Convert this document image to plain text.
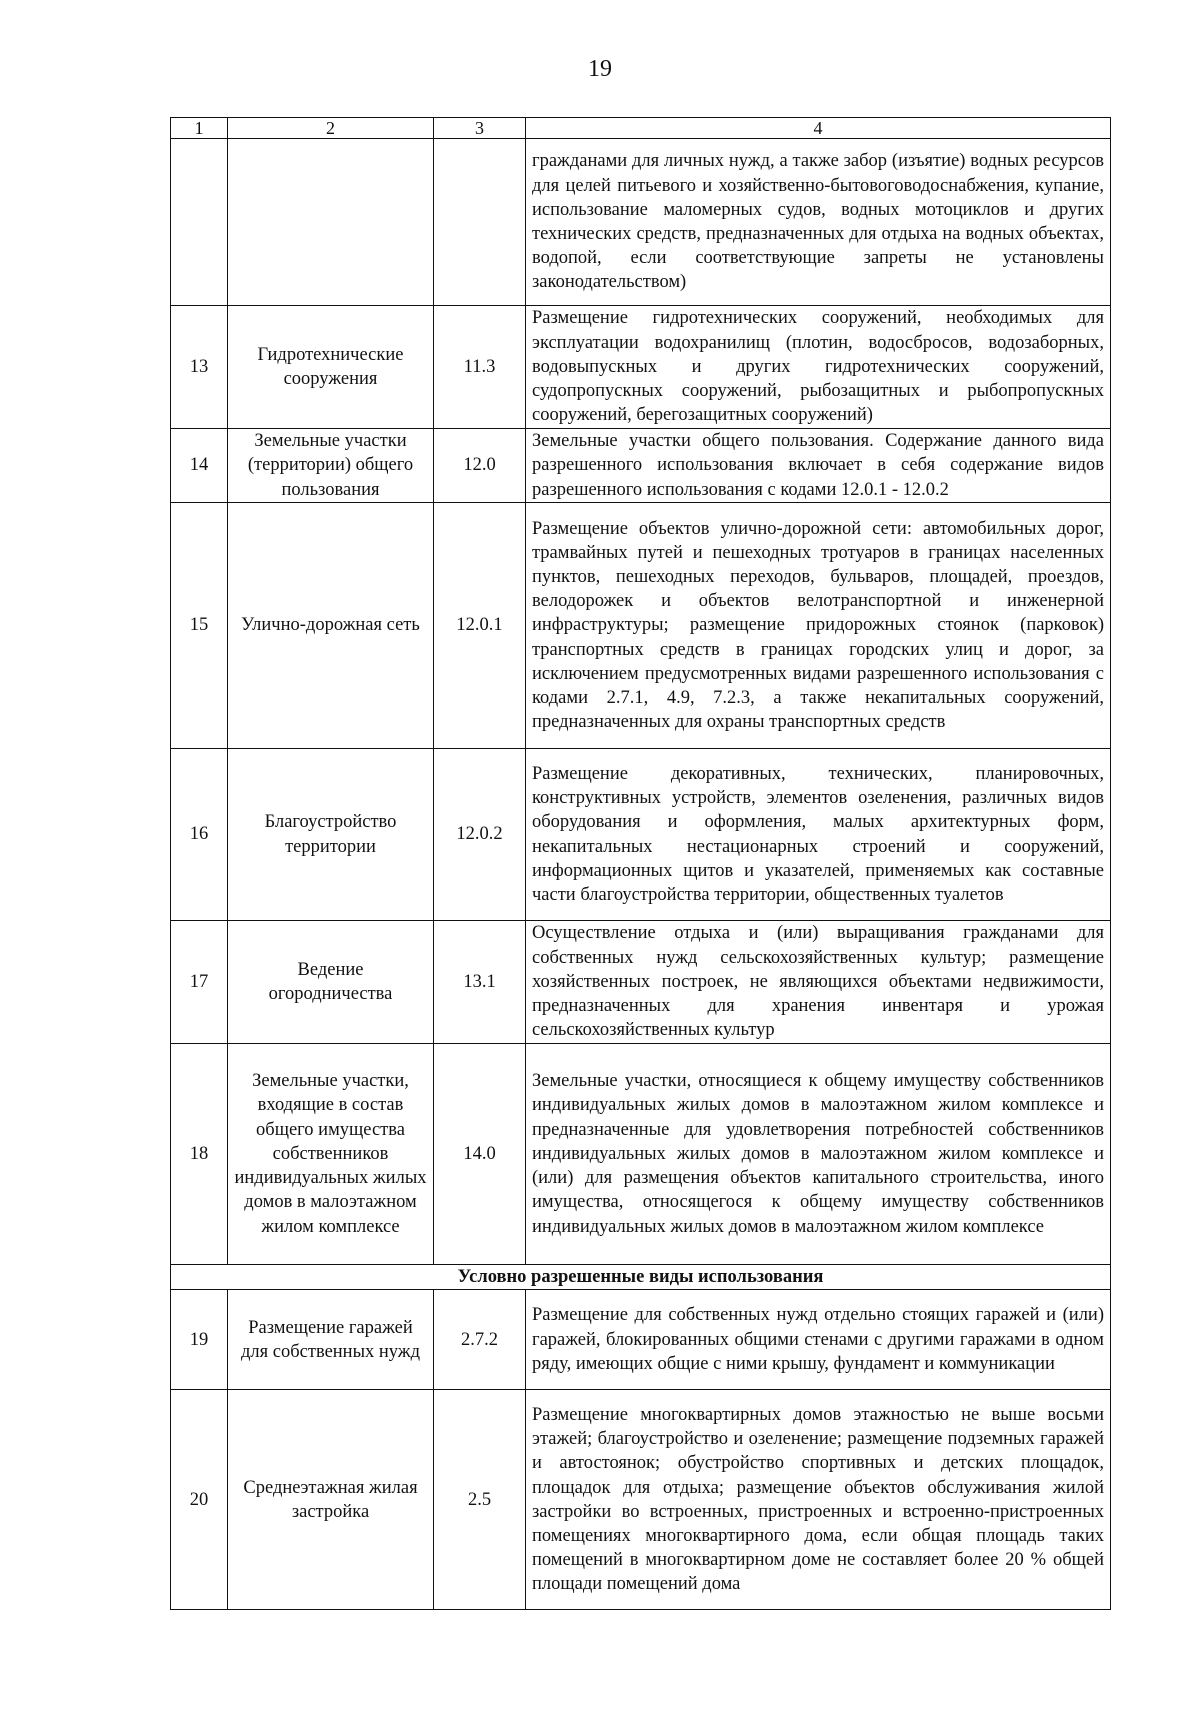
19
1	2	3	4
			гражданами для личных нужд, а также забор (изъятие) водных ресурсов для целей питьевого и хозяйственно-бытовоговодоснабжения, купание, использование маломерных судов, водных мотоциклов и других технических средств, предназначенных для отдыха на водных объектах, водопой, если соответствующие запреты не установлены законодательством)
13	Гидротехнические сооружения	11.3	Размещение гидротехнических сооружений, необходимых для эксплуатации водохранилищ (плотин, водосбросов, водозаборных, водовыпускных и других гидротехнических сооружений, судопропускных сооружений, рыбозащитных и рыбопропускных сооружений, берегозащитных сооружений)
14	Земельные участки (территории) общего пользования	12.0	Земельные участки общего пользования. Содержание данного вида разрешенного использования включает в себя содержание видов разрешенного использования с кодами 12.0.1 - 12.0.2
15	Улично-дорожная сеть	12.0.1	Размещение объектов улично-дорожной сети: автомобильных дорог, трамвайных путей и пешеходных тротуаров в границах населенных пунктов, пешеходных переходов, бульваров, площадей, проездов, велодорожек и объектов велотранспортной и инженерной инфраструктуры; размещение придорожных стоянок (парковок) транспортных средств в границах городских улиц и дорог, за исключением предусмотренных видами разрешенного использования с кодами 2.7.1, 4.9, 7.2.3, а также некапитальных сооружений, предназначенных для охраны транспортных средств
16	Благоустройство территории	12.0.2	Размещение декоративных, технических, планировочных, конструктивных устройств, элементов озеленения, различных видов оборудования и оформления, малых архитектурных форм, некапитальных нестационарных строений и сооружений, информационных щитов и указателей, применяемых как составные части благоустройства территории, общественных туалетов
17	Ведение огородничества	13.1	Осуществление отдыха и (или) выращивания гражданами для собственных нужд сельскохозяйственных культур; размещение хозяйственных построек, не являющихся объектами недвижимости, предназначенных для хранения инвентаря и урожая сельскохозяйственных культур
18	Земельные участки, входящие в состав общего имущества собственников индивидуальных жилых домов в малоэтажном жилом комплексе	14.0	Земельные участки, относящиеся к общему имуществу собственников индивидуальных жилых домов в малоэтажном жилом комплексе и предназначенные для удовлетворения потребностей собственников индивидуальных жилых домов в малоэтажном жилом комплексе и (или) для размещения объектов капитального строительства, иного имущества, относящегося к общему имуществу собственников индивидуальных жилых домов в малоэтажном жилом комплексе
Условно разрешенные виды использования			
19	Размещение гаражей для собственных нужд	2.7.2	Размещение для собственных нужд отдельно стоящих гаражей и (или) гаражей, блокированных общими стенами с другими гаражами в одном ряду, имеющих общие с ними крышу, фундамент и коммуникации
20	Среднеэтажная жилая застройка	2.5	Размещение многоквартирных домов этажностью не выше восьми этажей; благоустройство и озеленение; размещение подземных гаражей и автостоянок; обустройство спортивных и детских площадок, площадок для отдыха; размещение объектов обслуживания жилой застройки во встроенных, пристроенных и встроенно-пристроенных помещениях многоквартирного дома, если общая площадь таких помещений в многоквартирном доме не составляет более 20 % общей площади помещений дома
